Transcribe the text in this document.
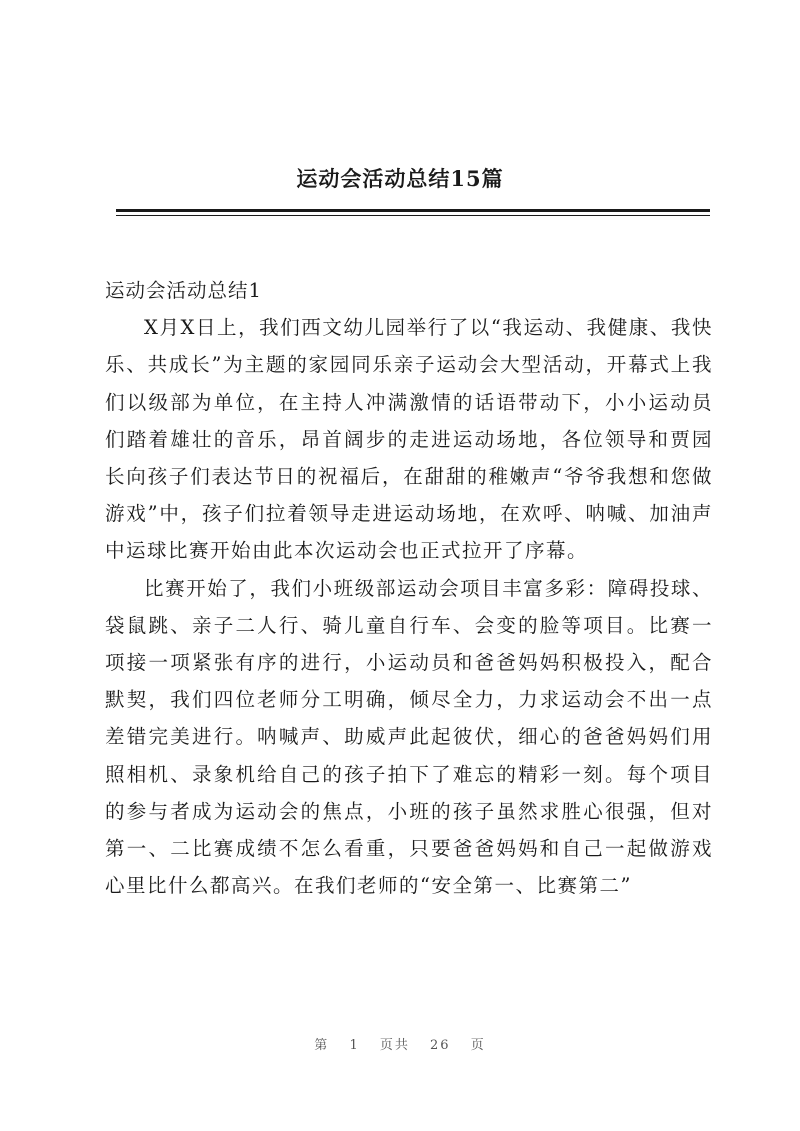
运动会活动总结15篇

运动会活动总结1

X月X日上，我们西文幼儿园举行了以“我运动、我健康、我快乐、共成长”为主题的家园同乐亲子运动会大型活动，开幕式上我们以级部为单位，在主持人冲满激情的话语带动下，小小运动员们踏着雄壮的音乐，昂首阔步的走进运动场地，各位领导和贾园长向孩子们表达节日的祝福后，在甜甜的稚嫩声“爷爷我想和您做游戏”中，孩子们拉着领导走进运动场地，在欢呼、呐喊、加油声中运球比赛开始由此本次运动会也正式拉开了序幕。

比赛开始了，我们小班级部运动会项目丰富多彩：障碍投球、袋鼠跳、亲子二人行、骑儿童自行车、会变的脸等项目。比赛一项接一项紧张有序的进行，小运动员和爸爸妈妈积极投入，配合默契，我们四位老师分工明确，倾尽全力，力求运动会不出一点差错完美进行。呐喊声、助威声此起彼伏，细心的爸爸妈妈们用照相机、录象机给自己的孩子拍下了难忘的精彩一刻。每个项目的参与者成为运动会的焦点，小班的孩子虽然求胜心很强，但对第一、二比赛成绩不怎么看重，只要爸爸妈妈和自己一起做游戏心里比什么都高兴。在我们老师的“安全第一、比赛第二”

第 1 页共 26 页
